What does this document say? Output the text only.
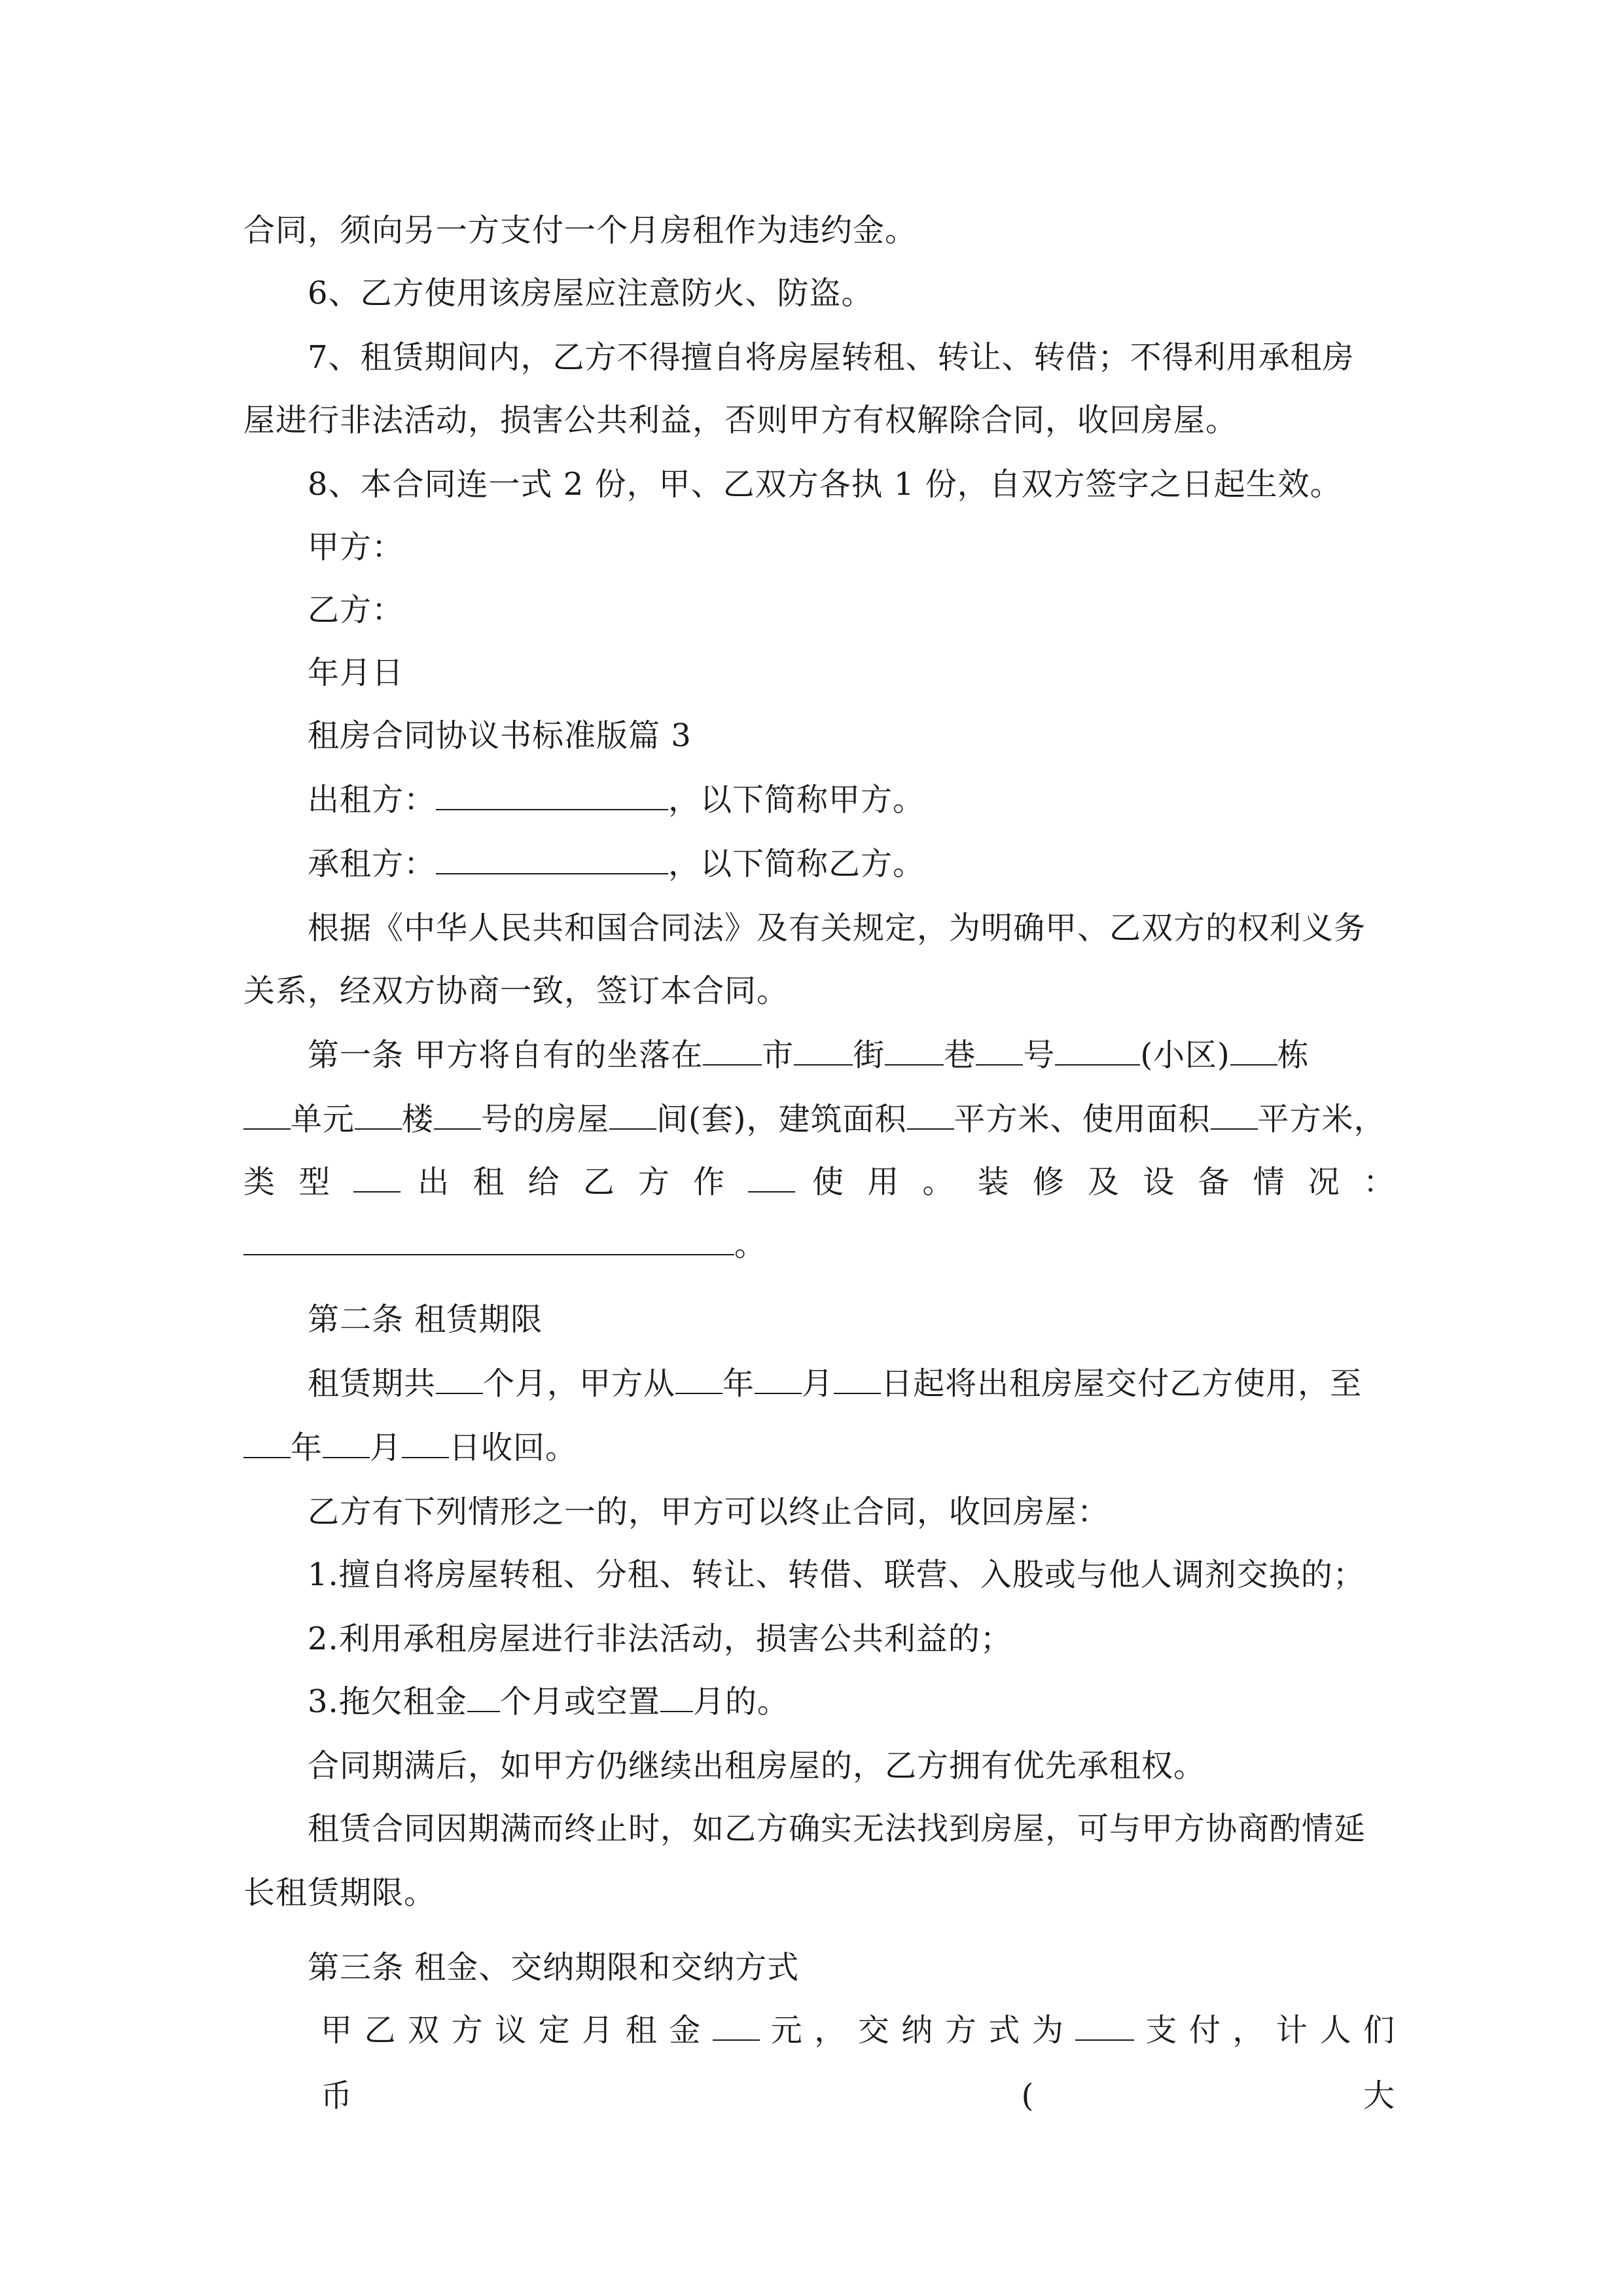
合同，须向另一方支付一个月房租作为违约金。
6、乙方使用该房屋应注意防火、防盗。
7、租赁期间内，乙方不得擅自将房屋转租、转让、转借；不得利用承租房
屋进行非法活动，损害公共利益，否则甲方有权解除合同，收回房屋。
8、本合同连一式 2 份，甲、乙双方各执 1 份，自双方签字之日起生效。
甲方：
乙方：
年月日
租房合同协议书标准版篇 3
出租方：	，以下简称甲方。
承租方：	，以下简称乙方。
根据《中华人民共和国合同法》及有关规定，为明确甲、乙双方的权利义务
关系，经双方协商一致，签订本合同。
第一条 甲方将自有的坐落在 市 街 巷 号	(小区) 栋
单元 楼 号的房屋 间(套)，建筑面积 平方米、使用面积 平方米，
类 型	出 租 给 乙 方 作	使 用 。 装 修 及 设 备 情 况 ：
。
第二条 租赁期限
租赁期共 个月，甲方从 年 月 日起将出租房屋交付乙方使用，至
年 月 日收回。
乙方有下列情形之一的，甲方可以终止合同，收回房屋：
1.擅自将房屋转租、分租、转让、转借、联营、入股或与他人调剂交换的；
2.利用承租房屋进行非法活动，损害公共利益的；
3.拖欠租金 个月或空置 月的。
合同期满后，如甲方仍继续出租房屋的，乙方拥有优先承租权。
租赁合同因期满而终止时，如乙方确实无法找到房屋，可与甲方协商酌情延
长租赁期限。
第三条 租金、交纳期限和交纳方式
甲 乙 双 方 议 定 月 租 金 元 ， 交 纳 方 式 为	支 付 ， 计 人 们 币 (大
